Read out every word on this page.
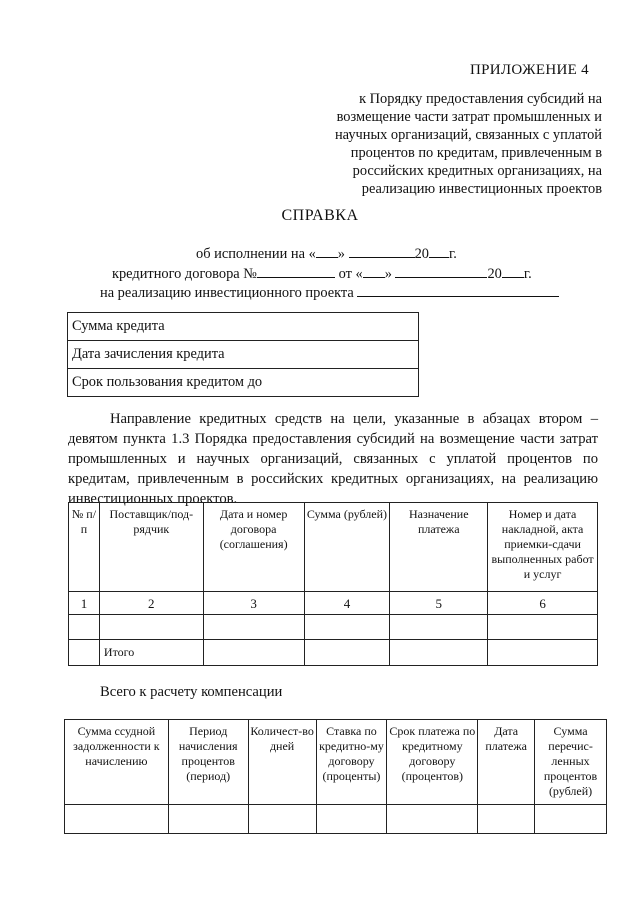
ПРИЛОЖЕНИЕ 4
к Порядку предоставления субсидий на возмещение части затрат промышленных и научных организаций, связанных с уплатой процентов по кредитам, привлеченным в российских кредитных организациях, на реализацию инвестиционных проектов
СПРАВКА
об исполнении на « »	20 г.
кредитного договора №	от « »	20 г.
на реализацию инвестиционного проекта
Сумма кредита
Дата зачисления кредита
Срок пользования кредитом до
Направление кредитных средств на цели, указанные в абзацах втором – девятом пункта 1.3 Порядка предоставления субсидий на возмещение части затрат промышленных и научных организаций, связанных с уплатой процентов по кредитам, привлеченным в российских кредитных организациях, на реализацию инвестиционных проектов.
№ п/п	Поставщик/под-рядчик	Дата и номер договора (соглашения)	Сумма (рублей)	Назначение платежа	Номер и дата накладной, акта приемки-сдачи выполненных работ и услуг
1	2	3	4	5	6

	Итого				
Всего к расчету компенсации
Сумма ссудной задолженности к начислению	Период начисления процентов (период)	Количест-во дней	Ставка по кредитно-му договору (проценты)	Срок платежа по кредитному договору (процентов)	Дата платежа	Сумма перечис-ленных процентов (рублей)
